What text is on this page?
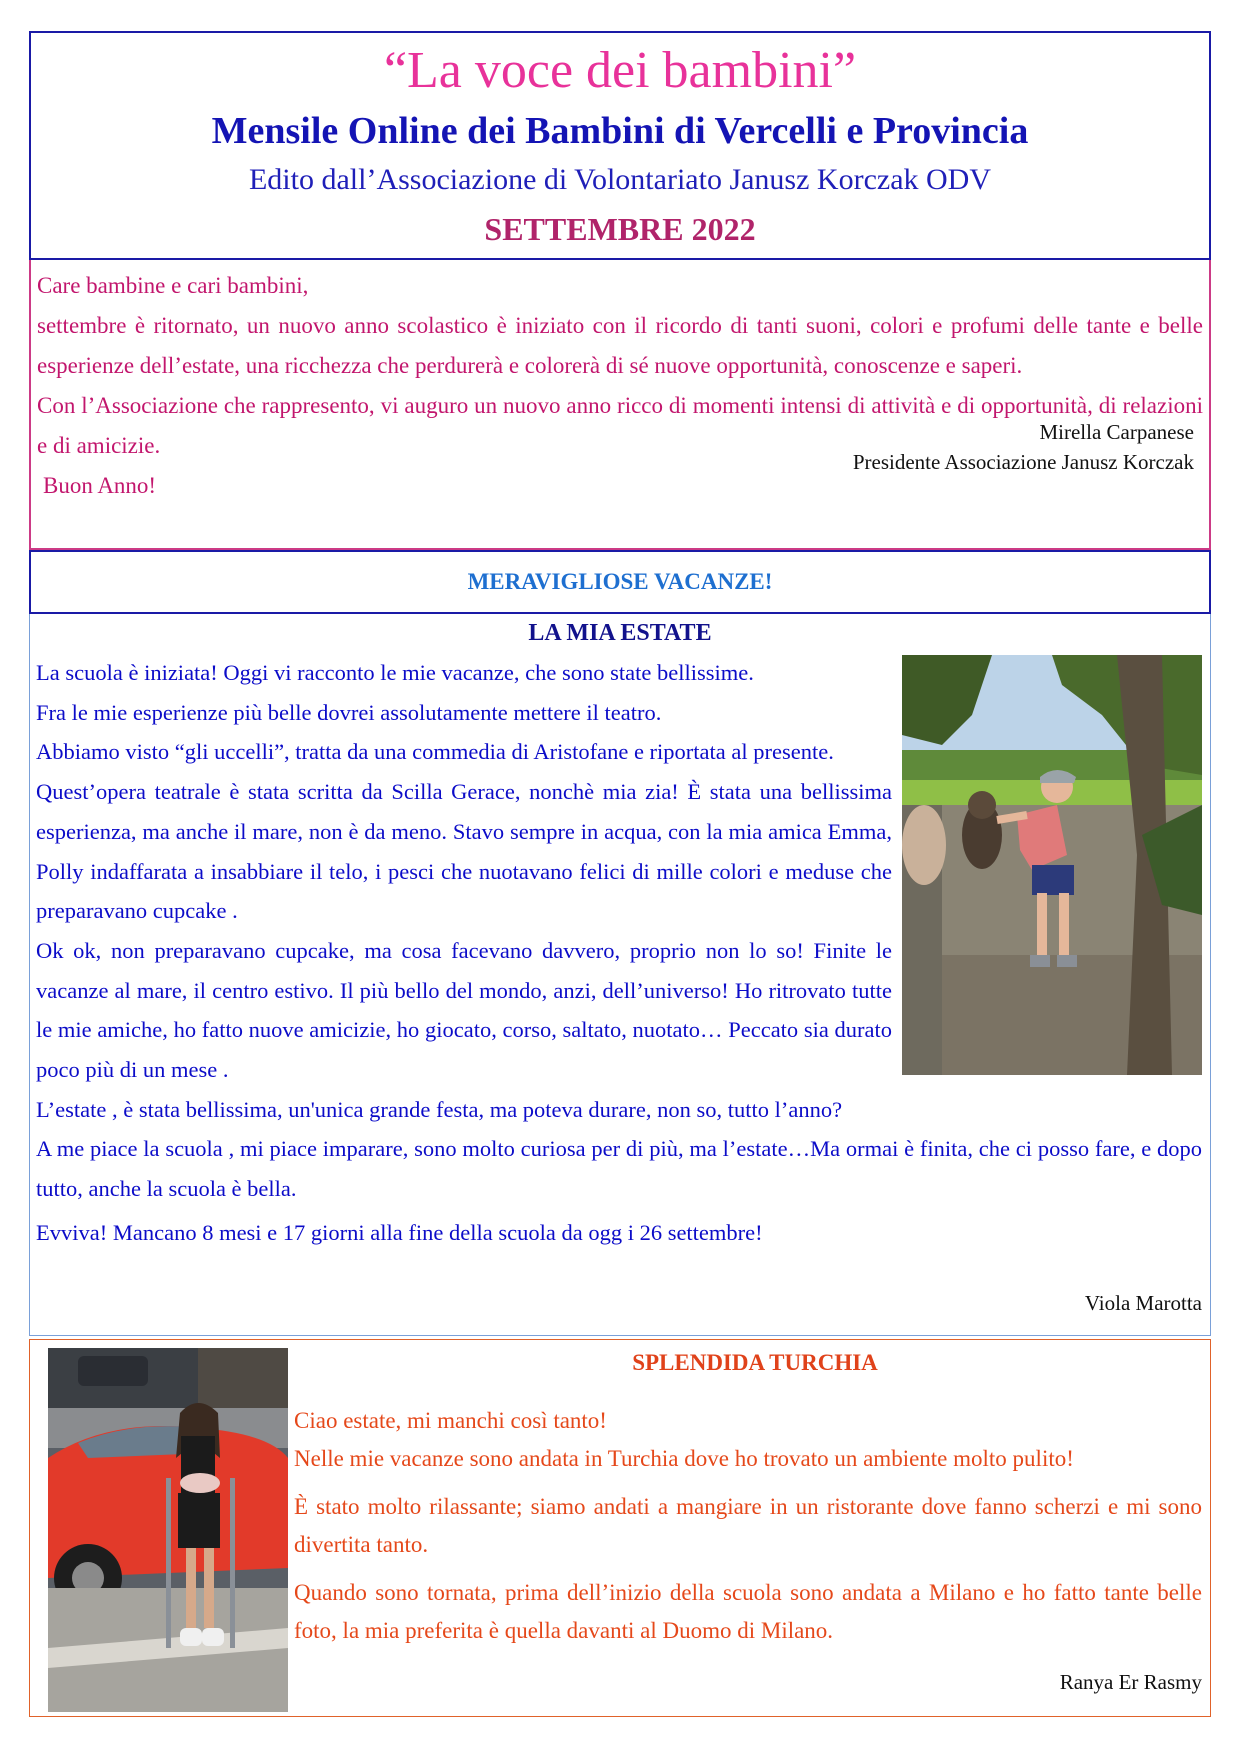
“La voce dei bambini”
Mensile Online dei Bambini di Vercelli e Provincia
Edito dall’Associazione di Volontariato Janusz Korczak ODV
SETTEMBRE 2022

Care bambine e cari bambini,

settembre è ritornato, un nuovo anno scolastico è iniziato con il ricordo di tanti suoni, colori e profumi delle tante e belle esperienze dell’estate, una ricchezza che perdurerà e colorerà di sé nuove opportunità, conoscenze e saperi.

Con l’Associazione che rappresento, vi auguro un nuovo anno ricco di momenti intensi di attività e di opportunità, di relazioni e di amicizie.

Buon Anno!

Mirella Carpanese
Presidente Associazione Janusz Korczak
MERAVIGLIOSE VACANZE!
LA MIA ESTATE

La scuola è iniziata! Oggi vi racconto le mie vacanze, che sono state bellissime.

Fra le mie esperienze più belle dovrei assolutamente mettere il teatro.

Abbiamo visto “gli uccelli”, tratta da una commedia di Aristofane e riportata al presente.

Quest’opera teatrale è stata scritta da Scilla Gerace, nonchè mia zia! È stata una bellissima esperienza, ma anche il mare, non è da meno. Stavo sempre in acqua, con la mia amica Emma, Polly indaffarata a insabbiare il telo, i pesci che nuotavano felici di mille colori e meduse che preparavano cupcake .

Ok ok, non preparavano cupcake, ma cosa facevano davvero, proprio non lo so! Finite le vacanze al mare, il centro estivo. Il più bello del mondo, anzi, dell’universo! Ho ritrovato tutte le mie amiche, ho fatto nuove amicizie, ho giocato, corso, saltato, nuotato… Peccato sia durato poco più di un mese .

L’estate , è stata bellissima, un'unica grande festa, ma poteva durare, non so, tutto l’anno?

A me piace la scuola , mi piace imparare, sono molto curiosa per di più, ma l’estate…Ma ormai è finita, che ci posso fare, e dopo tutto, anche la scuola è bella.

Evviva! Mancano 8 mesi e 17 giorni alla fine della scuola da ogg i 26 settembre!

Viola Marotta
SPLENDIDA TURCHIA

Ciao estate, mi manchi così tanto!
Nelle mie vacanze sono andata in Turchia dove ho trovato un ambiente molto pulito!

È stato molto rilassante; siamo andati a mangiare in un ristorante dove fanno scherzi e mi sono divertita tanto.

Quando sono tornata, prima dell’inizio della scuola sono andata a Milano e ho fatto tante belle foto, la mia preferita è quella davanti al Duomo di Milano.

Ranya Er Rasmy
